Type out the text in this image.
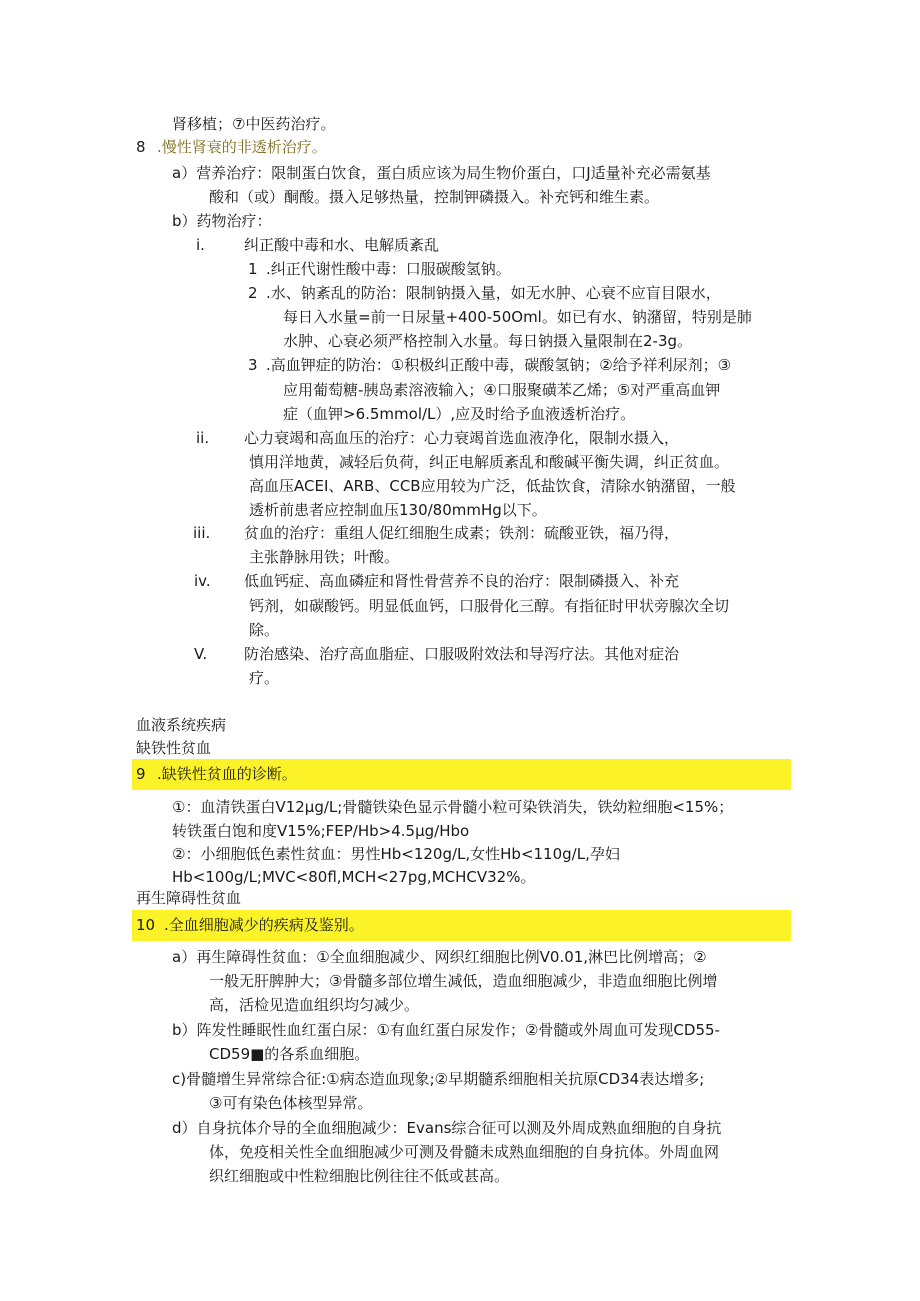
肾移植；⑦中医药治疗。
8 .慢性肾衰的非透析治疗。
a）营养治疗：限制蛋白饮食，蛋白质应该为局生物价蛋白，口J适量补充必需氨基
酸和（或）酮酸。摄入足够热量，控制钾磷摄入。补充钙和维生素。
b）药物治疗：
i.	纠正酸中毒和水、电解质紊乱
1 .纠正代谢性酸中毒：口服碳酸氢钠。
2 .水、钠紊乱的防治：限制钠摄入量，如无水肿、心衰不应盲目限水，
每日入水量=前一日尿量+400-50Oml。如已有水、钠潴留，特别是肺
水肿、心衰必须严格控制入水量。每日钠摄入量限制在2-3g。
3 .高血钾症的防治：①积极纠正酸中毒，碳酸氢钠；②给予祥利尿剂；③
应用葡萄糖-胰岛素溶液输入；④口服聚磺苯乙烯；⑤对严重高血钾
症（血钾>6.5mmol∕L）,应及时给予血液透析治疗。
ii. 心力衰竭和高血压的治疗：心力衰竭首选血液净化，限制水摄入，
慎用洋地黄，减轻后负荷，纠正电解质紊乱和酸碱平衡失调，纠正贫血。
高血压ACEI、ARB、CCB应用较为广泛，低盐饮食，清除水钠潴留，一般
透析前患者应控制血压130∕80mmHg以下。
iii. 贫血的治疗：重组人促红细胞生成素；铁剂：硫酸亚铁，福乃得，
主张静脉用铁；叶酸。
iv. 低血钙症、高血磷症和肾性骨营养不良的治疗：限制磷摄入、补充
钙剂，如碳酸钙。明显低血钙，口服骨化三醇。有指征时甲状旁腺次全切
除。
V. 防治感染、治疗高血脂症、口服吸附效法和导泻疗法。其他对症治
疗。
血液系统疾病
缺铁性贫血
9 .缺铁性贫血的诊断。
①：血清铁蛋白V12μg∕L;骨髓铁染色显示骨髓小粒可染铁消失，铁幼粒细胞<15%；
转铁蛋白饱和度V15%;FEP∕Hb>4.5μg∕Hbo
②：小细胞低色素性贫血：男性Hb<120g∕L,女性Hb<110g∕L,孕妇
Hb<100g∕L;MVC<80fl,MCH<27pg,MCHCV32%。
再生障碍性贫血
10 .全血细胞减少的疾病及鉴别。
a）再生障碍性贫血：①全血细胞减少、网织红细胞比例V0.01,淋巴比例增高；②
一般无肝脾肿大；③骨髓多部位增生减低，造血细胞减少，非造血细胞比例增
高，活检见造血组织均匀减少。
b）阵发性睡眠性血红蛋白尿：①有血红蛋白尿发作；②骨髓或外周血可发现CD55-
CD59■的各系血细胞。
c)骨髓增生异常综合征:①病态造血现象;②早期髓系细胞相关抗原CD34表达增多;
③可有染色体核型异常。
d）自身抗体介导的全血细胞减少：Evans综合征可以测及外周成熟血细胞的自身抗
体，免疫相关性全血细胞减少可测及骨髓未成熟血细胞的自身抗体。外周血网
织红细胞或中性粒细胞比例往往不低或甚高。
